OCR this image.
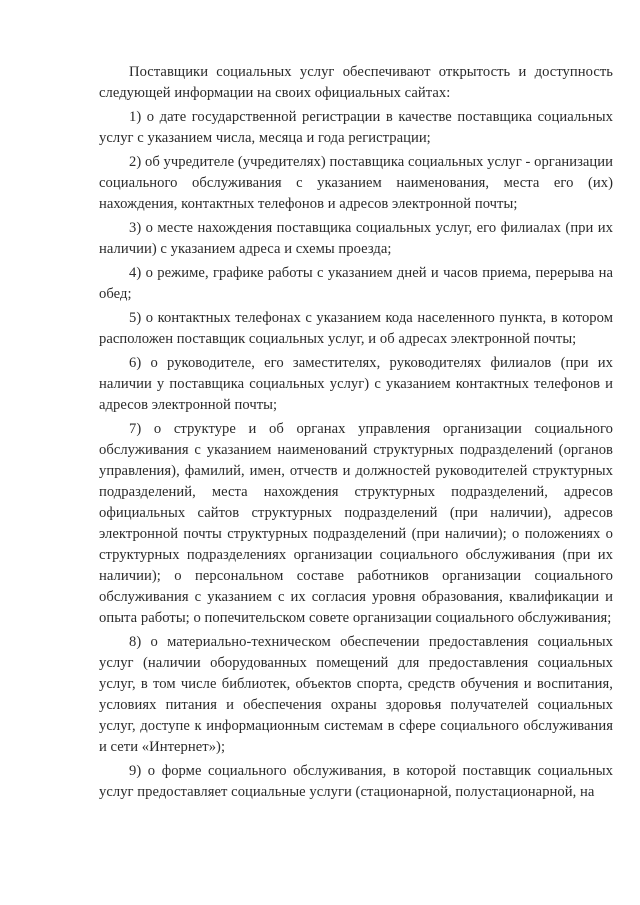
Поставщики социальных услуг обеспечивают открытость и доступность следующей информации на своих официальных сайтах:

1) о дате государственной регистрации в качестве поставщика социальных услуг с указанием числа, месяца и года регистрации;

2) об учредителе (учредителях) поставщика социальных услуг - организации социального обслуживания с указанием наименования, места его (их) нахождения, контактных телефонов и адресов электронной почты;

3) о месте нахождения поставщика социальных услуг, его филиалах (при их наличии) с указанием адреса и схемы проезда;

4) о режиме, графике работы с указанием дней и часов приема, перерыва на обед;

5) о контактных телефонах с указанием кода населенного пункта, в котором расположен поставщик социальных услуг, и об адресах электронной почты;

6) о руководителе, его заместителях, руководителях филиалов (при их наличии у поставщика социальных услуг) с указанием контактных телефонов и адресов электронной почты;

7) о структуре и об органах управления организации социального обслуживания с указанием наименований структурных подразделений (органов управления), фамилий, имен, отчеств и должностей руководителей структурных подразделений, места нахождения структурных подразделений, адресов официальных сайтов структурных подразделений (при наличии), адресов электронной почты структурных подразделений (при наличии); о положениях о структурных подразделениях организации социального обслуживания (при их наличии); о персональном составе работников организации социального обслуживания с указанием с их согласия уровня образования, квалификации и опыта работы; о попечительском совете организации социального обслуживания;

8) о материально-техническом обеспечении предоставления социальных услуг (наличии оборудованных помещений для предоставления социальных услуг, в том числе библиотек, объектов спорта, средств обучения и воспитания, условиях питания и обеспечения охраны здоровья получателей социальных услуг, доступе к информационным системам в сфере социального обслуживания и сети «Интернет»);

9) о форме социального обслуживания, в которой поставщик социальных услуг предоставляет социальные услуги (стационарной, полустационарной, на
